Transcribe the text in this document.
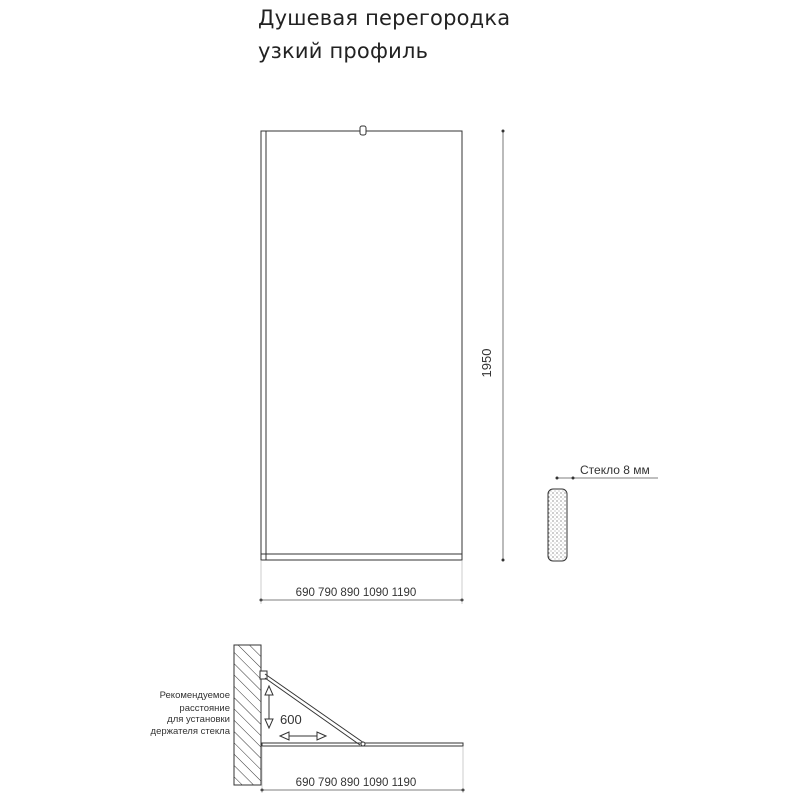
Душевая перегородка
узкий профиль
1950
690 790 890 1090 1190
Стекло 8 мм
600
Рекомендуемое
расстояние
для установки
держателя стекла
690 790 890 1090 1190
